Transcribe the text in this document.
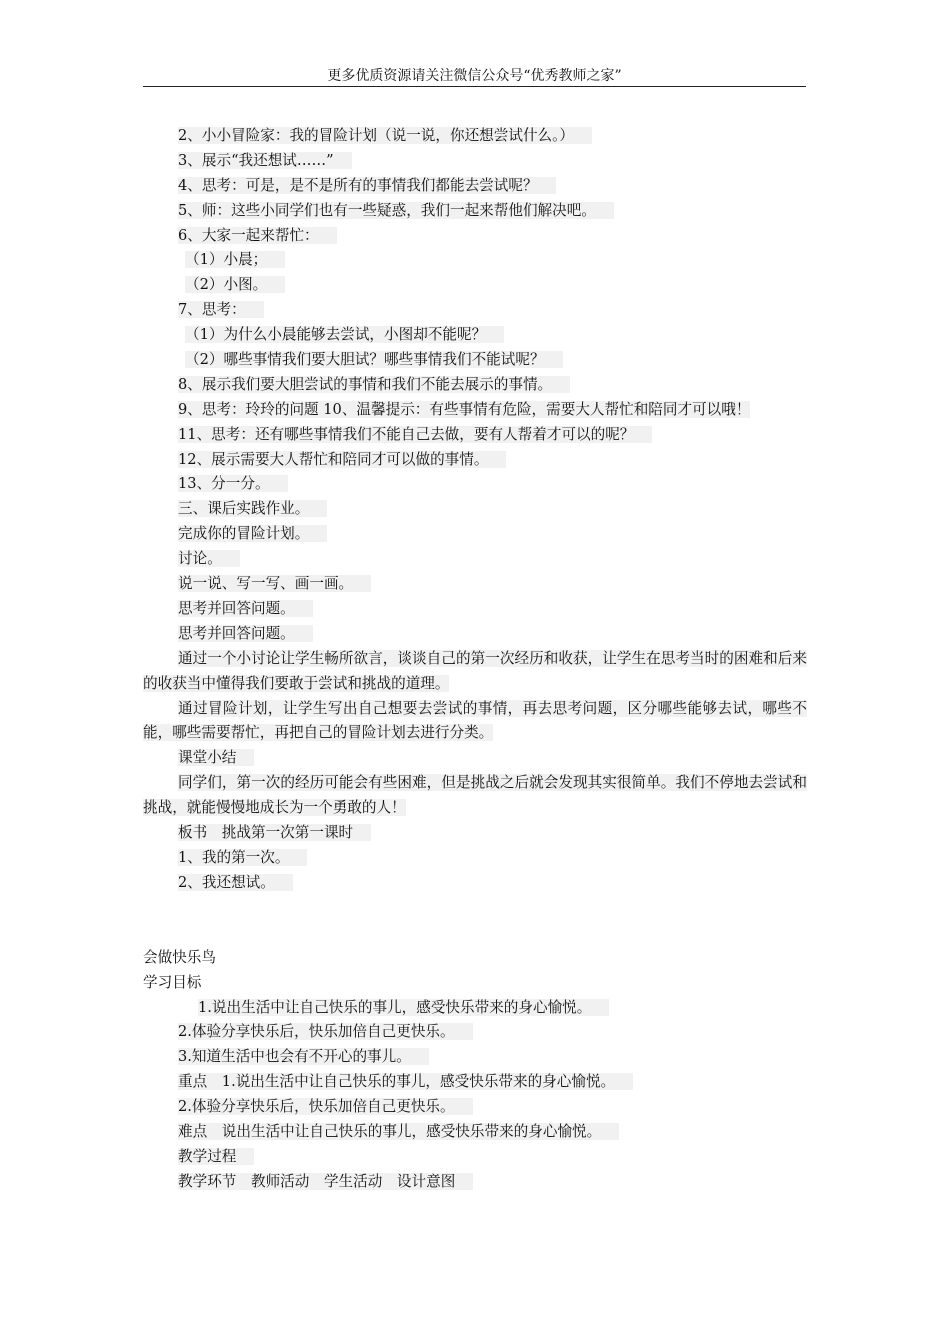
更多优质资源请关注微信公众号“优秀教师之家”
2、小小冒险家：我的冒险计划（说一说，你还想尝试什么。）
3、展示“我还想试……”
4、思考：可是，是不是所有的事情我们都能去尝试呢？
5、师：这些小同学们也有一些疑惑，我们一起来帮他们解决吧。
6、大家一起来帮忙：
（1）小晨；
（2）小图。
7、思考：
（1）为什么小晨能够去尝试，小图却不能呢？
（2）哪些事情我们要大胆试？哪些事情我们不能试呢？
8、展示我们要大胆尝试的事情和我们不能去展示的事情。
9、思考：玲玲的问题 10、温馨提示：有些事情有危险，需要大人帮忙和陪同才可以哦！
11、思考：还有哪些事情我们不能自己去做，要有人帮着才可以的呢？
12、展示需要大人帮忙和陪同才可以做的事情。
13、分一分。
三、课后实践作业。
完成你的冒险计划。
讨论。
说一说、写一写、画一画。
思考并回答问题。
思考并回答问题。
通过一个小讨论让学生畅所欲言，谈谈自己的第一次经历和收获，让学生在思考当时的困难和后来的收获当中懂得我们要敢于尝试和挑战的道理。
通过冒险计划，让学生写出自己想要去尝试的事情，再去思考问题，区分哪些能够去试，哪些不能，哪些需要帮忙，再把自己的冒险计划去进行分类。
课堂小结
同学们，第一次的经历可能会有些困难，但是挑战之后就会发现其实很简单。我们不停地去尝试和挑战，就能慢慢地成长为一个勇敢的人！
板书　挑战第一次第一课时
1、我的第一次。
2、我还想试。
会做快乐鸟
学习目标
1.说出生活中让自己快乐的事儿，感受快乐带来的身心愉悦。
2.体验分享快乐后，快乐加倍自己更快乐。
3.知道生活中也会有不开心的事儿。
重点　1.说出生活中让自己快乐的事儿，感受快乐带来的身心愉悦。
2.体验分享快乐后，快乐加倍自己更快乐。
难点　说出生活中让自己快乐的事儿，感受快乐带来的身心愉悦。
教学过程
教学环节　教师活动　学生活动　设计意图
